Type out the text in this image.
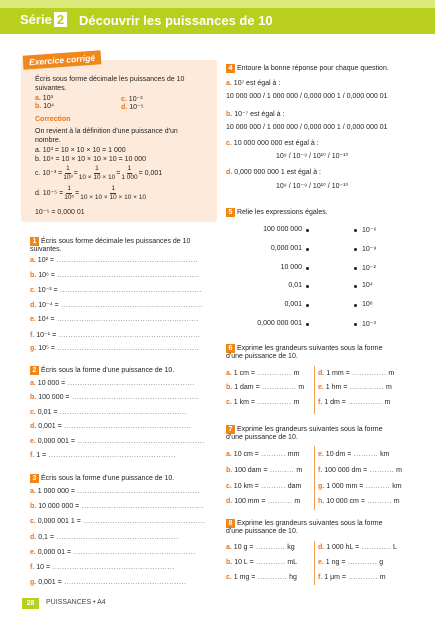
Série 2 Découvrir les puissances de 10
Exercice corrigé
Écris sous forme décimale les puissances de 10
suivantes.
a. 10³	c. 10⁻³
b. 10⁴	d. 10⁻⁵
Correction
On revient à la définition d'une puissance d'un
nombre.
a. 10³ = 10 × 10 × 10 = 1 000
b. 10⁴ = 10 × 10 × 10 × 10 = 10 000
c. $10^{-3} = \frac{1}{\text{10³}} = \frac{1}{10 \times 10 \times 10} = \frac{1}{1 000} = 0,001$
d. $10^{-5} = \frac{1}{\text{10⁵}} = \frac{1}{10 \times 10 \times 10 \times 10 \times 10}$
10⁻⁵ = 0,000 01
1 Écris sous forme décimale les puissances de 10
suivantes.
a. 10² = ..........................................................
b. 10⁶ = ..........................................................
c. 10⁻² = ..........................................................
d. 10⁻⁴ = ..........................................................
e. 10⁴ = ..........................................................
f. 10⁻¹ = ..........................................................
g. 10⁵ = ..........................................................
2 Écris sous la forme d'une puissance de 10.
a. 10 000 = ....................................................
b. 100 000 = ....................................................
c. 0,01 = ....................................................
d. 0,001 = ....................................................
e. 0,000 001 = ....................................................
f. 1 = ....................................................
3 Écris sous la forme d'une puissance de 10.
a. 1 000 000 = ..................................................
b. 10 000 000 = ..................................................
c. 0,000 001 1 = ..................................................
d. 0,1 = ..................................................
e. 0,000 01 = ..................................................
f. 10 = ..................................................
g. 0,001 = ..................................................
4 Entoure la bonne réponse pour chaque question.
a. 10⁷ est égal à :
10 000 000 / 1 000 000 / 0,000 000 1 / 0,000 000 01
b. 10⁻⁷ est égal à :
10 000 000 / 1 000 000 / 0,000 000 1 / 0,000 000 01
c. 10 000 000 000 est égal à :
10⁹ / 10⁻⁹ / 10¹⁰ / 10⁻¹⁰
d. 0,000 000 000 1 est égal à :
10⁹ / 10⁻⁹ / 10¹⁰ / 10⁻¹⁰
5 Relie les expressions égales.
100 000 000	10⁻⁶
0,000 001	10⁻⁹
10 000	10⁻²
0,01	10⁴
0,001	10⁸
0,000 000 001	10⁻³
6 Exprime les grandeurs suivantes sous la forme
d'une puissance de 10.
a. 1 cm = .............. m
b. 1 dam = .............. m
c. 1 km = .............. m
d. 1 mm = .............. m
e. 1 hm = .............. m
f. 1 dm = .............. m
7 Exprime les grandeurs suivantes sous la forme
d'une puissance de 10.
a. 10 cm = .......... mm
b. 100 dam = .......... m
c. 10 km = .......... dam
d. 100 mm = .......... m
e. 10 dm = .......... km
f. 100 000 dm = .......... m
g. 1 000 mm = .......... km
h. 10 000 cm = .......... m
8 Exprime les grandeurs suivantes sous la forme
d'une puissance de 10.
a. 10 g = ............ kg
b. 10 L = ............ mL
c. 1 mg = ............ hg
d. 1 000 hL = ............ L
e. 1 ng = ............ g
f. 1 μm = ............ m
28	PUISSANCES • A4
